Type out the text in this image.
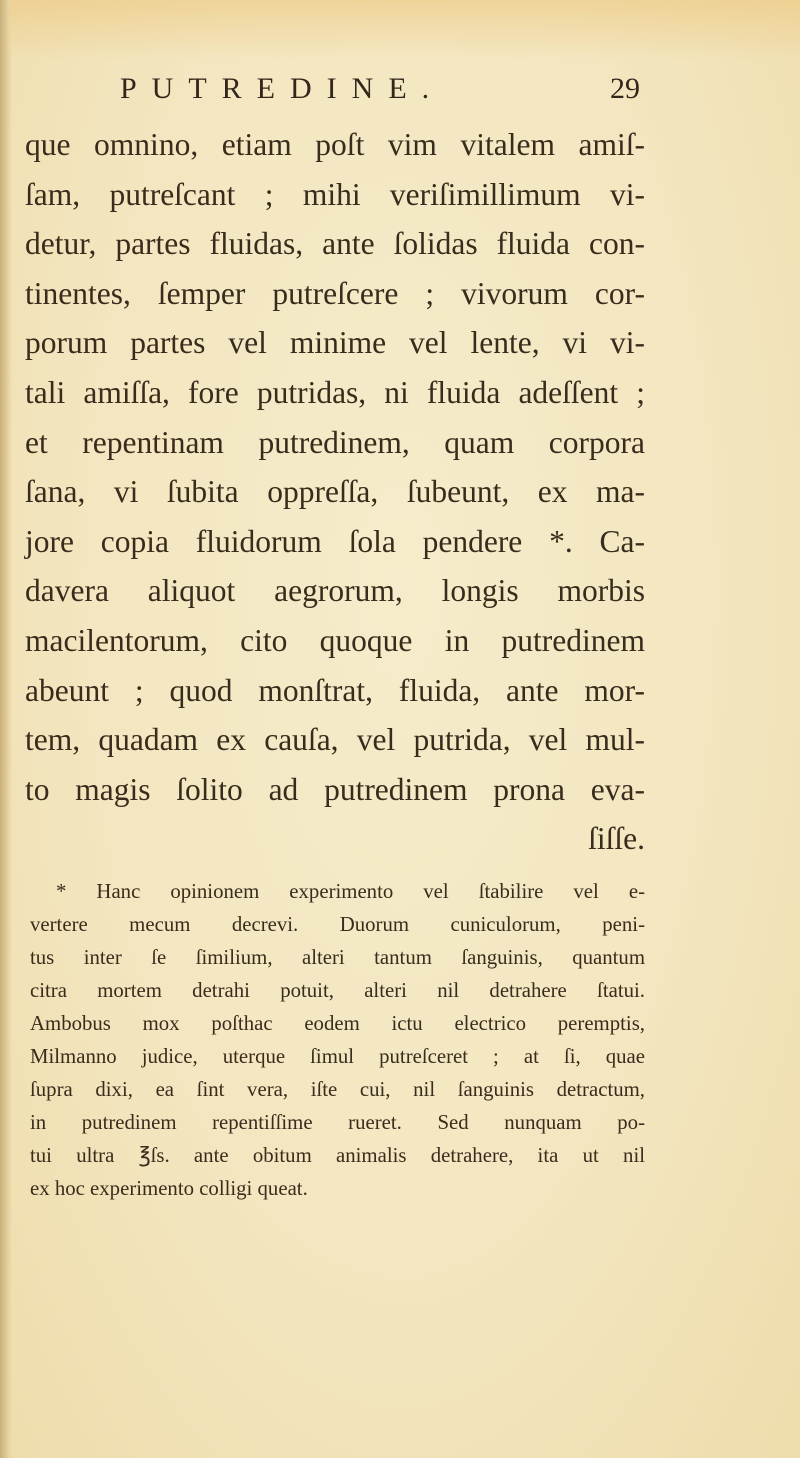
PUTREDINE.	29
que omnino, etiam poſt vim vitalem amiſ-
ſam, putreſcant ; mihi veriſimillimum vi-
detur, partes fluidas, ante ſolidas fluida con-
tinentes, ſemper putreſcere ; vivorum cor-
porum partes vel minime vel lente, vi vi-
tali amiſſa, fore putridas, ni fluida adeſſent ;
et repentinam putredinem, quam corpora
ſana, vi ſubita oppreſſa, ſubeunt, ex ma-
jore copia fluidorum ſola pendere *. Ca-
davera aliquot aegrorum, longis morbis
macilentorum, cito quoque in putredinem
abeunt ; quod monſtrat, fluida, ante mor-
tem, quadam ex cauſa, vel putrida, vel mul-
to magis ſolito ad putredinem prona eva-
ſiſſe.
* Hanc opinionem experimento vel ſtabilire vel e-
vertere mecum decrevi. Duorum cuniculorum, peni-
tus inter ſe ſimilium, alteri tantum ſanguinis, quantum
citra mortem detrahi potuit, alteri nil detrahere ſtatui.
Ambobus mox poſthac eodem ictu electrico peremptis,
Milmanno judice, uterque ſimul putreſceret ; at ſi, quae
ſupra dixi, ea ſint vera, iſte cui, nil ſanguinis detractum,
in putredinem repentiſſime rueret. Sed nunquam po-
tui ultra ℥ſs. ante obitum animalis detrahere, ita ut nil
ex hoc experimento colligi queat.
